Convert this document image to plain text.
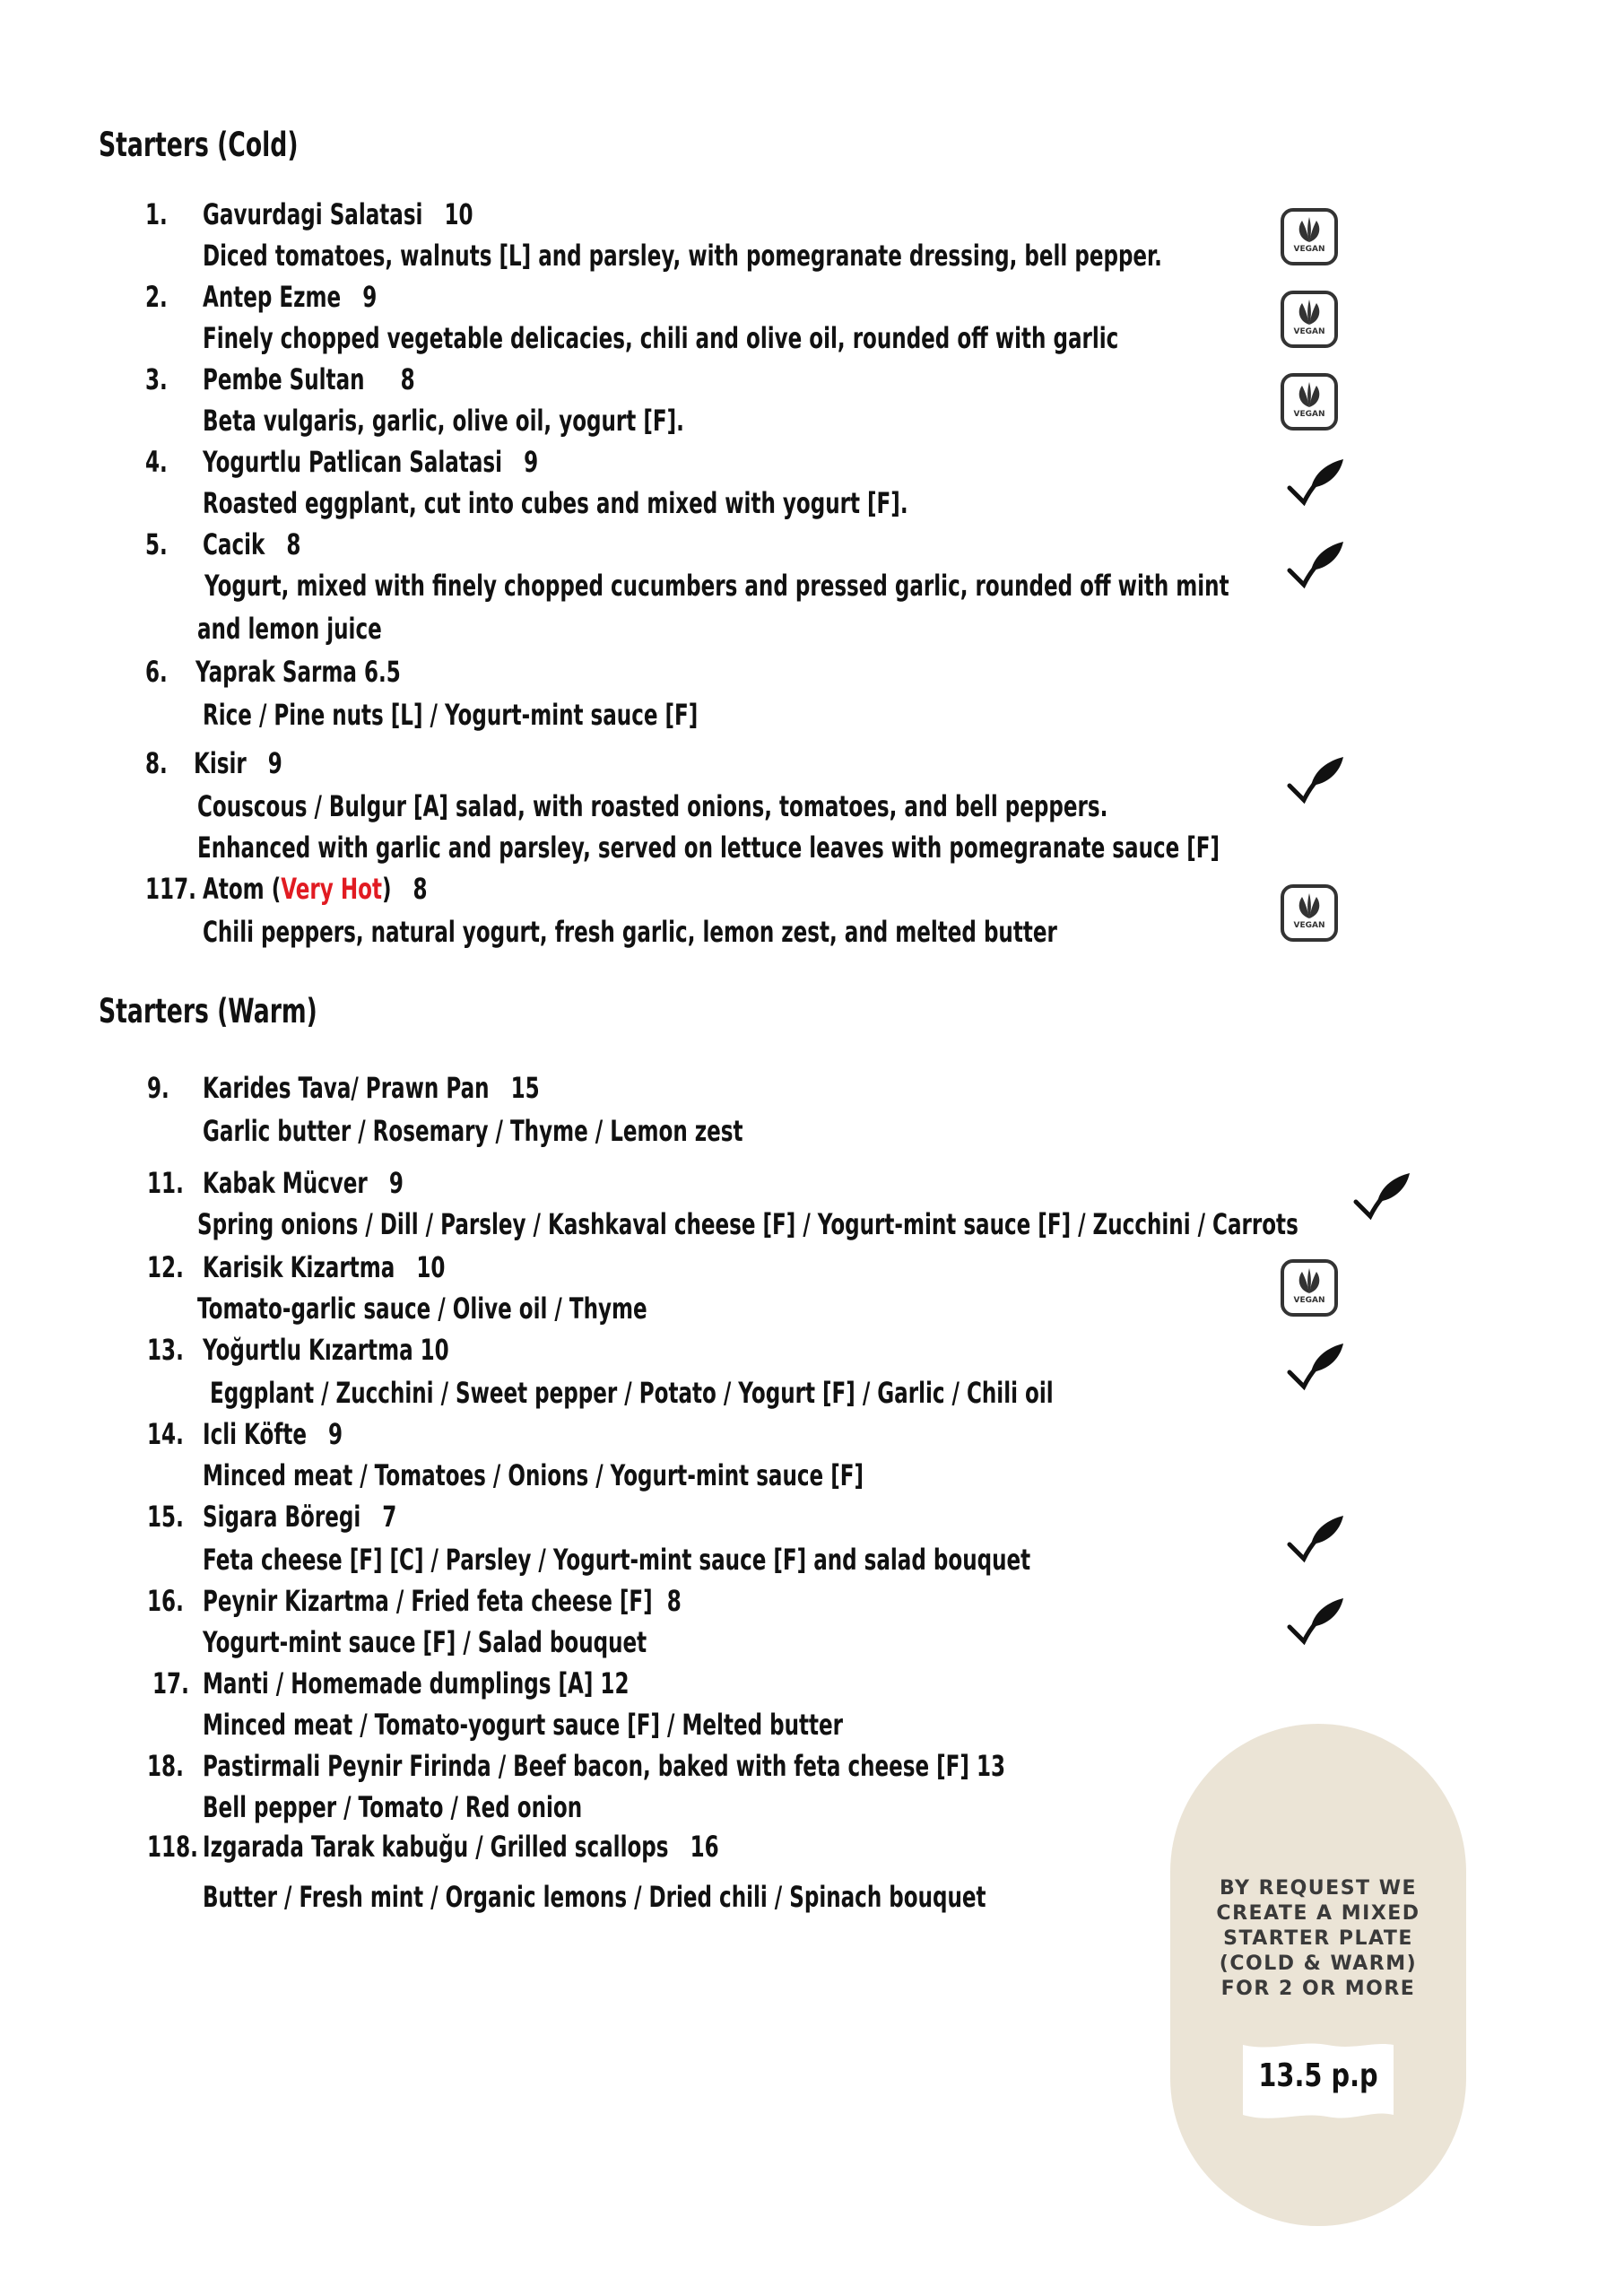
Starters (Cold)
1. Gavurdagi Salatasi 10
Diced tomatoes, walnuts [L] and parsley, with pomegranate dressing, bell pepper.	VEGAN
2. Antep Ezme 9
Finely chopped vegetable delicacies, chili and olive oil, rounded off with garlic	VEGAN
3. Pembe Sultan 8
Beta vulgaris, garlic, olive oil, yogurt [F].	VEGAN
4. Yogurtlu Patlican Salatasi 9
Roasted eggplant, cut into cubes and mixed with yogurt [F].
5. Cacik 8
Yogurt, mixed with finely chopped cucumbers and pressed garlic, rounded off with mint
and lemon juice
6. Yaprak Sarma 6.5
Rice / Pine nuts [L] / Yogurt-mint sauce [F]
8. Kisir 9
Couscous / Bulgur [A] salad, with roasted onions, tomatoes, and bell peppers.
Enhanced with garlic and parsley, served on lettuce leaves with pomegranate sauce [F]
117. Atom (Very Hot) 8
Chili peppers, natural yogurt, fresh garlic, lemon zest, and melted butter	VEGAN
Starters (Warm)
9. Karides Tava/ Prawn Pan 15
Garlic butter / Rosemary / Thyme / Lemon zest
11. Kabak Mücver 9
Spring onions / Dill / Parsley / Kashkaval cheese [F] / Yogurt-mint sauce [F] / Zucchini / Carrots
12. Karisik Kizartma 10
Tomato-garlic sauce / Olive oil / Thyme	VEGAN
13. Yoğurtlu Kızartma 10
Eggplant / Zucchini / Sweet pepper / Potato / Yogurt [F] / Garlic / Chili oil
14. Icli Köfte 9
Minced meat / Tomatoes / Onions / Yogurt-mint sauce [F]
15. Sigara Böregi 7
Feta cheese [F] [C] / Parsley / Yogurt-mint sauce [F] and salad bouquet
16. Peynir Kizartma / Fried feta cheese [F] 8
Yogurt-mint sauce [F] / Salad bouquet
17. Manti / Homemade dumplings [A] 12
Minced meat / Tomato-yogurt sauce [F] / Melted butter
18. Pastirmali Peynir Firinda / Beef bacon, baked with feta cheese [F] 13
Bell pepper / Tomato / Red onion
118. Izgarada Tarak kabuğu / Grilled scallops 16
Butter / Fresh mint / Organic lemons / Dried chili / Spinach bouquet	BY REQUEST WE
CREATE A MIXED
STARTER PLATE
(COLD & WARM)
FOR 2 OR MORE
13.5 p.p
